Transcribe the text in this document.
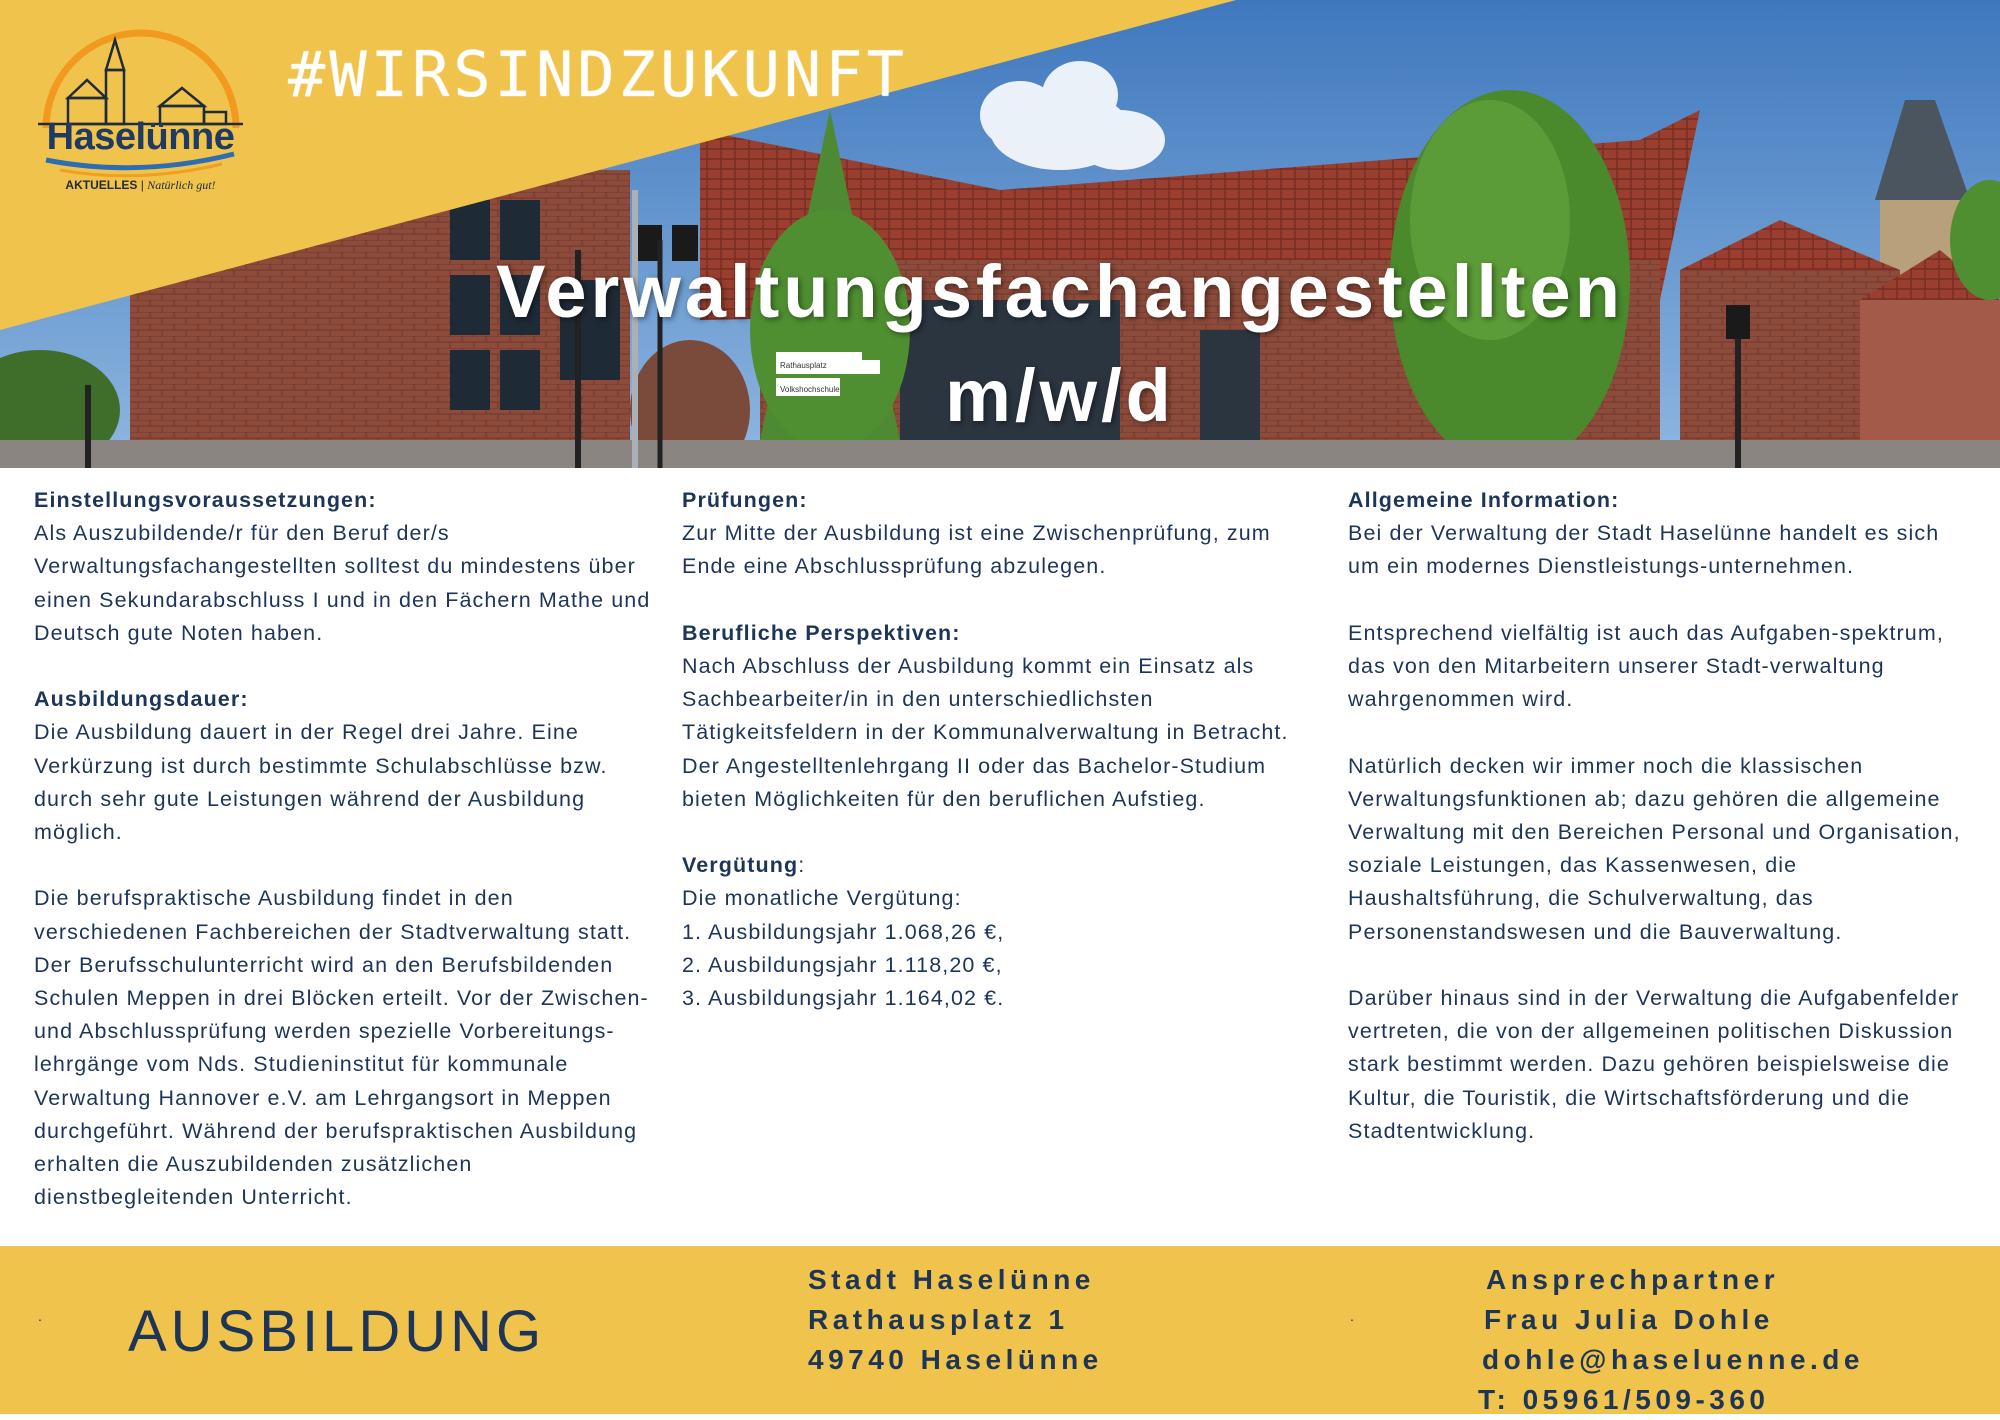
Rathausplatz
Volkshochschule
Haselünne
AKTUELLES | Natürlich gut!
#WIRSINDZUKUNFT
Verwaltungsfachangestellten
m/w/d
Einstellungsvoraussetzungen:
Als Auszubildende/r für den Beruf der/s Verwaltungsfachangestellten solltest du mindestens über einen Sekundarabschluss I und in den Fächern Mathe und Deutsch gute Noten haben.
Ausbildungsdauer:
Die Ausbildung dauert in der Regel drei Jahre. Eine Verkürzung ist durch bestimmte Schulabschlüsse bzw. durch sehr gute Leistungen während der Ausbildung möglich.
Die berufspraktische Ausbildung findet in den verschiedenen Fachbereichen der Stadtverwaltung statt. Der Berufsschulunterricht wird an den Berufsbildenden Schulen Meppen in drei Blöcken erteilt. Vor der Zwischen- und Abschlussprüfung werden spezielle Vorbereitungs-lehrgänge vom Nds. Studieninstitut für kommunale Verwaltung Hannover e.V. am Lehrgangsort in Meppen durchgeführt. Während der berufspraktischen Ausbildung erhalten die Auszubildenden zusätzlichen dienstbegleitenden Unterricht.
Prüfungen:
Zur Mitte der Ausbildung ist eine Zwischenprüfung, zum Ende eine Abschlussprüfung abzulegen.
Berufliche Perspektiven:
Nach Abschluss der Ausbildung kommt ein Einsatz als Sachbearbeiter/in in den unterschiedlichsten Tätigkeitsfeldern in der Kommunalverwaltung in Betracht.
Der Angestelltenlehrgang II oder das Bachelor-Studium bieten Möglichkeiten für den beruflichen Aufstieg.
Vergütung:
Die monatliche Vergütung:
1. Ausbildungsjahr 1.068,26 €,
2. Ausbildungsjahr 1.118,20 €,
3. Ausbildungsjahr 1.164,02 €.
Allgemeine Information:
Bei der Verwaltung der Stadt Haselünne handelt es sich um ein modernes Dienstleistungs-unternehmen.
Entsprechend vielfältig ist auch das Aufgaben-spektrum, das von den Mitarbeitern unserer Stadt-verwaltung wahrgenommen wird.
Natürlich decken wir immer noch die klassischen Verwaltungsfunktionen ab; dazu gehören die allgemeine Verwaltung mit den Bereichen Personal und Organisation, soziale Leistungen, das Kassenwesen, die Haushaltsführung, die Schulverwaltung, das Personenstandswesen und die Bauverwaltung.
Darüber hinaus sind in der Verwaltung die Aufgabenfelder vertreten, die von der allgemeinen politischen Diskussion stark bestimmt werden. Dazu gehören beispielsweise die Kultur, die Touristik, die Wirtschaftsförderung und die Stadtentwicklung.
.	.
AUSBILDUNG
Stadt Haselünne
Rathausplatz 1
49740 Haselünne
Ansprechpartner
Frau Julia Dohle
dohle@haseluenne.de
T: 05961/509-360
